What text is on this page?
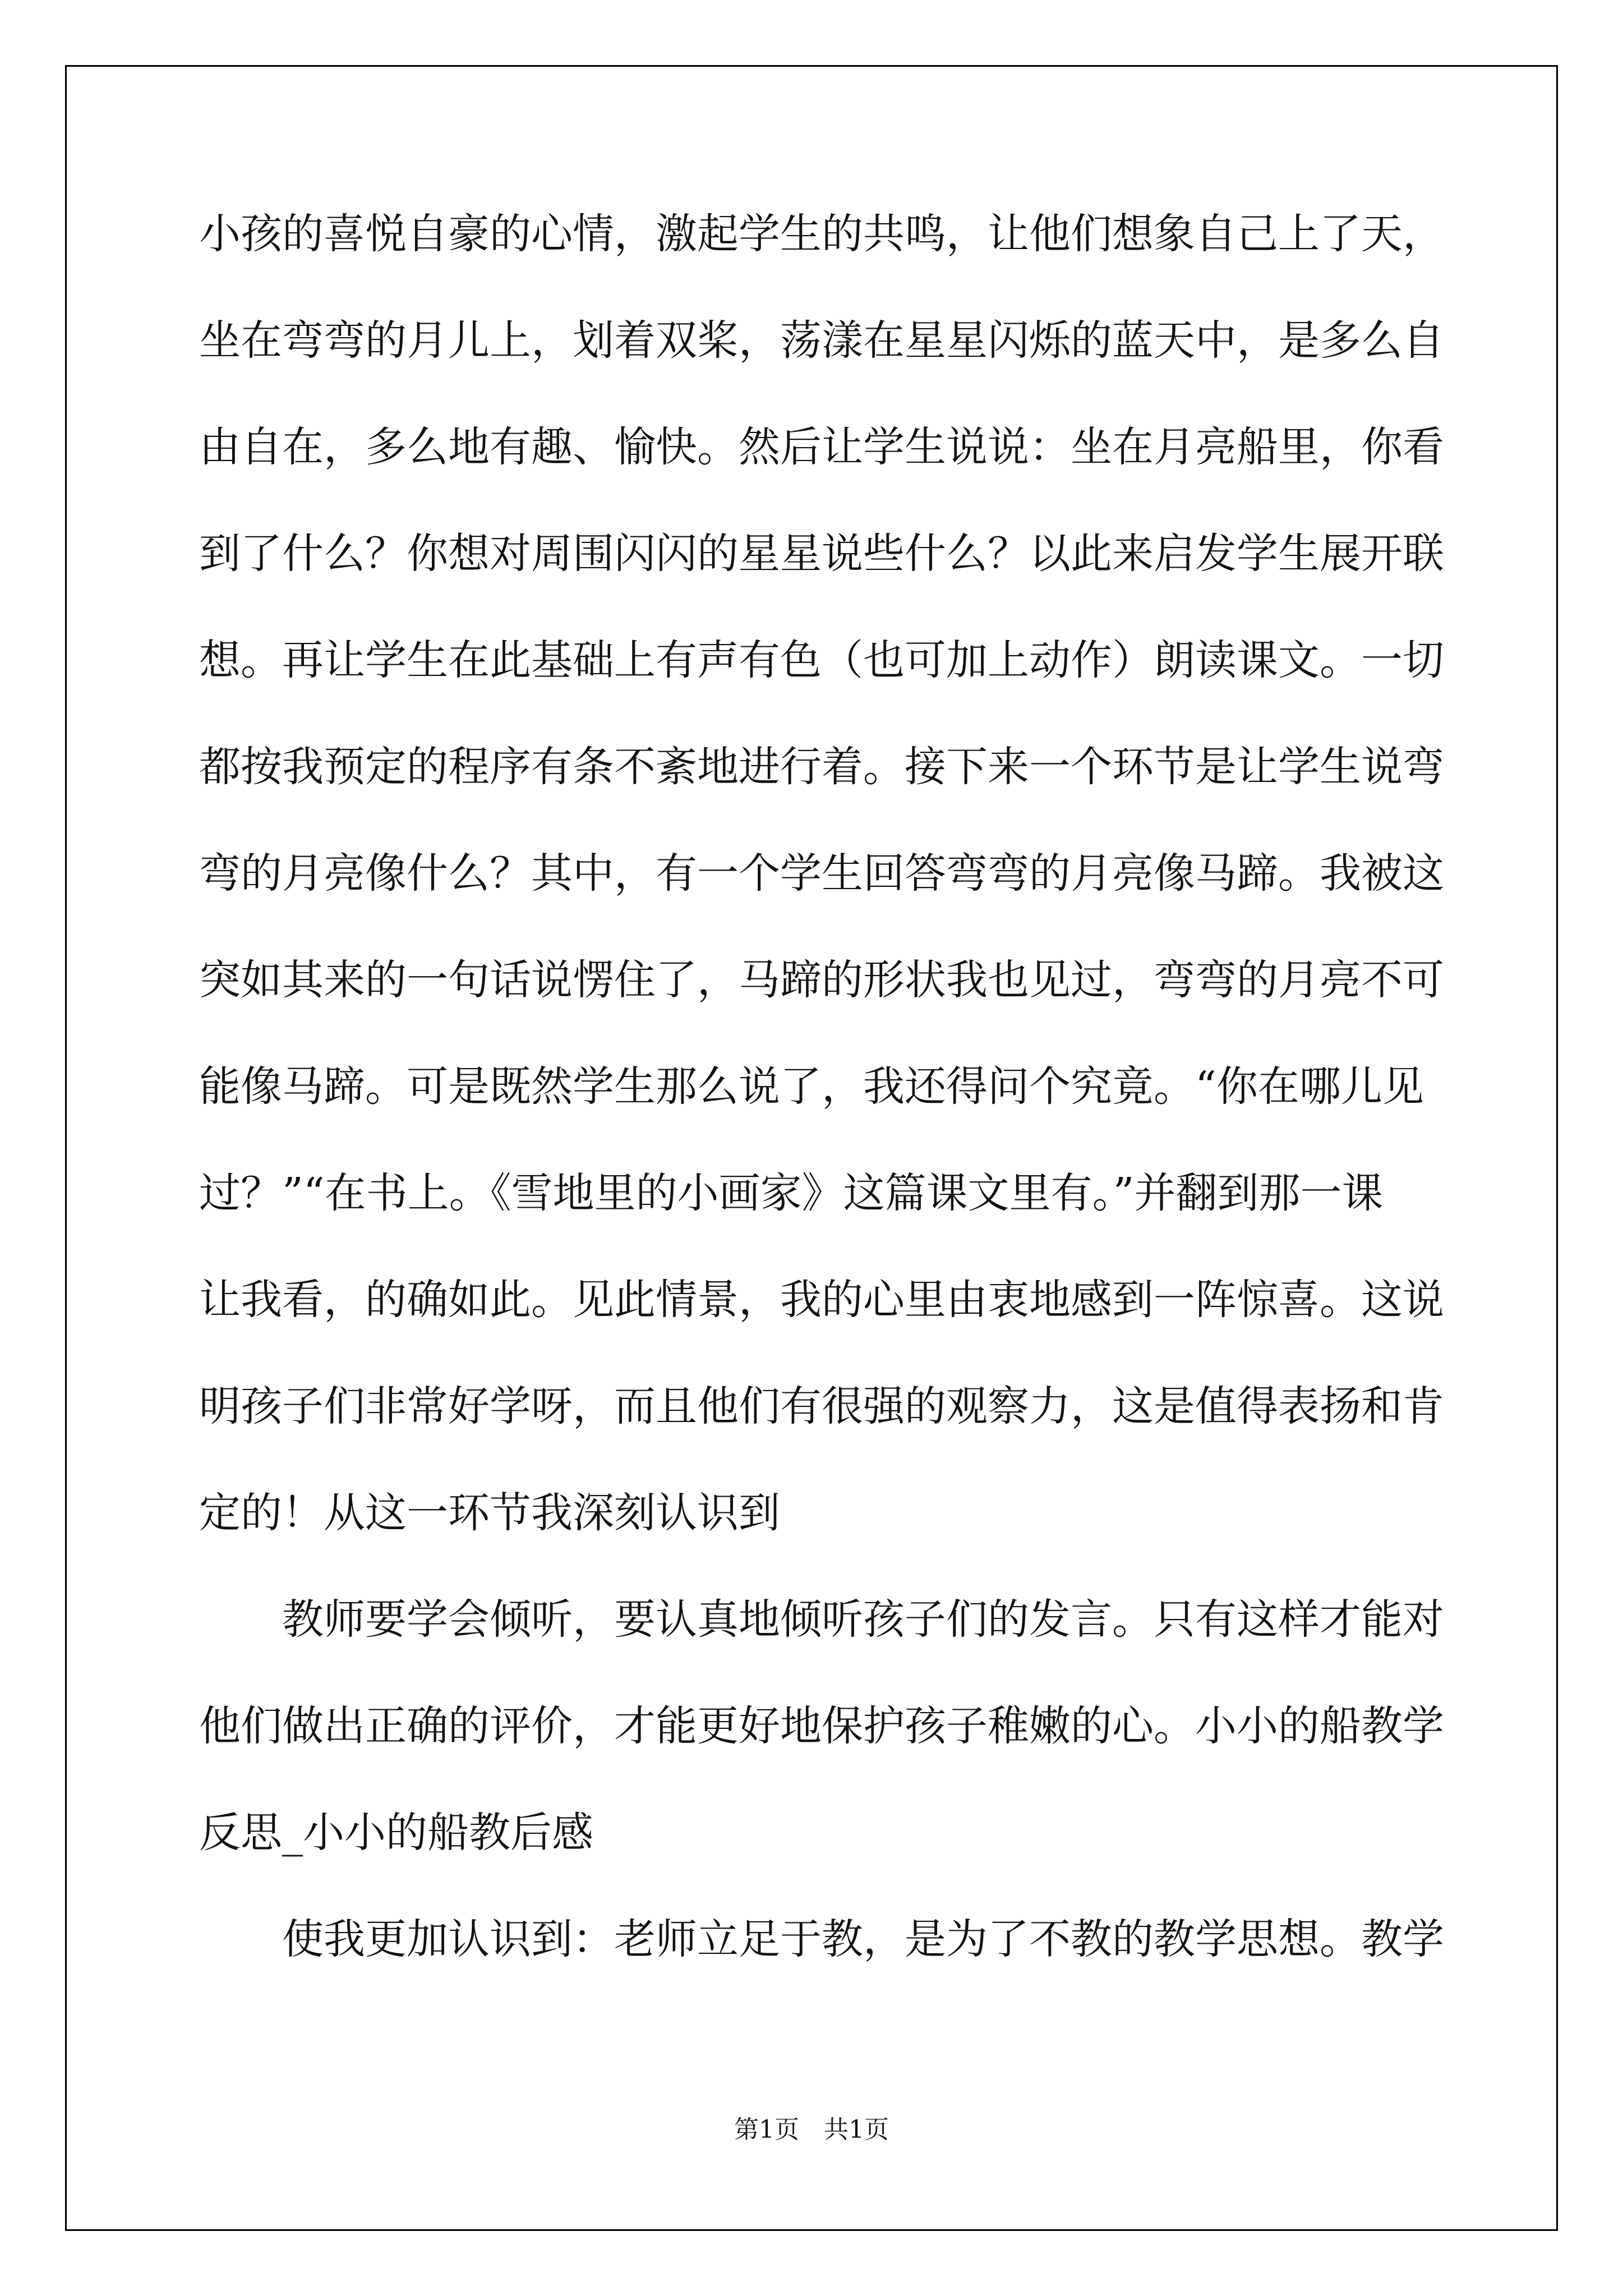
小孩的喜悦自豪的心情，激起学生的共鸣，让他们想象自己上了天，
坐在弯弯的月儿上，划着双桨，荡漾在星星闪烁的蓝天中，是多么自
由自在，多么地有趣、愉快。然后让学生说说：坐在月亮船里，你看
到了什么？你想对周围闪闪的星星说些什么？以此来启发学生展开联
想。再让学生在此基础上有声有色（也可加上动作）朗读课文。一切
都按我预定的程序有条不紊地进行着。接下来一个环节是让学生说弯
弯的月亮像什么？其中，有一个学生回答弯弯的月亮像马蹄。我被这
突如其来的一句话说愣住了，马蹄的形状我也见过，弯弯的月亮不可
能像马蹄。可是既然学生那么说了，我还得问个究竟。“你在哪儿见
过？”“在书上。《雪地里的小画家》这篇课文里有。”并翻到那一课
让我看，的确如此。见此情景，我的心里由衷地感到一阵惊喜。这说
明孩子们非常好学呀，而且他们有很强的观察力，这是值得表扬和肯
定的！从这一环节我深刻认识到
教师要学会倾听，要认真地倾听孩子们的发言。只有这样才能对
他们做出正确的评价，才能更好地保护孩子稚嫩的心。小小的船教学
反思_小小的船教后感
使我更加认识到：老师立足于教，是为了不教的教学思想。教学
第1页　共1页
